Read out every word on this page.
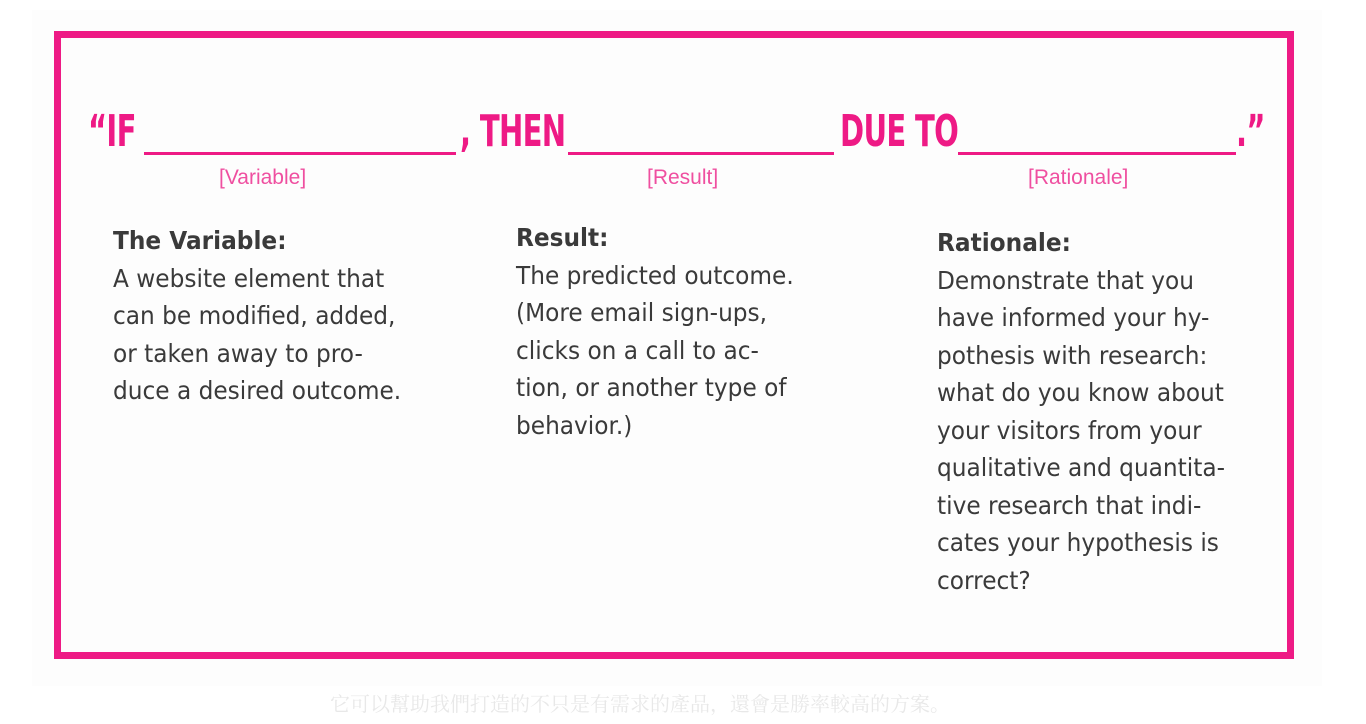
“IF	, THEN	DUE TO	.”
[Variable]	[Result]	[Rationale]
The Variable:
A website element that
can be modified, added,
or taken away to pro-
duce a desired outcome.
Result:
The predicted outcome.
(More email sign-ups,
clicks on a call to ac-
tion, or another type of
behavior.)
Rationale:
Demonstrate that you
have informed your hy-
pothesis with research:
what do you know about
your visitors from your
qualitative and quantita-
tive research that indi-
cates your hypothesis is
correct?
它可以幫助我們打造的不只是有需求的產品，還會是勝率較高的方案。
